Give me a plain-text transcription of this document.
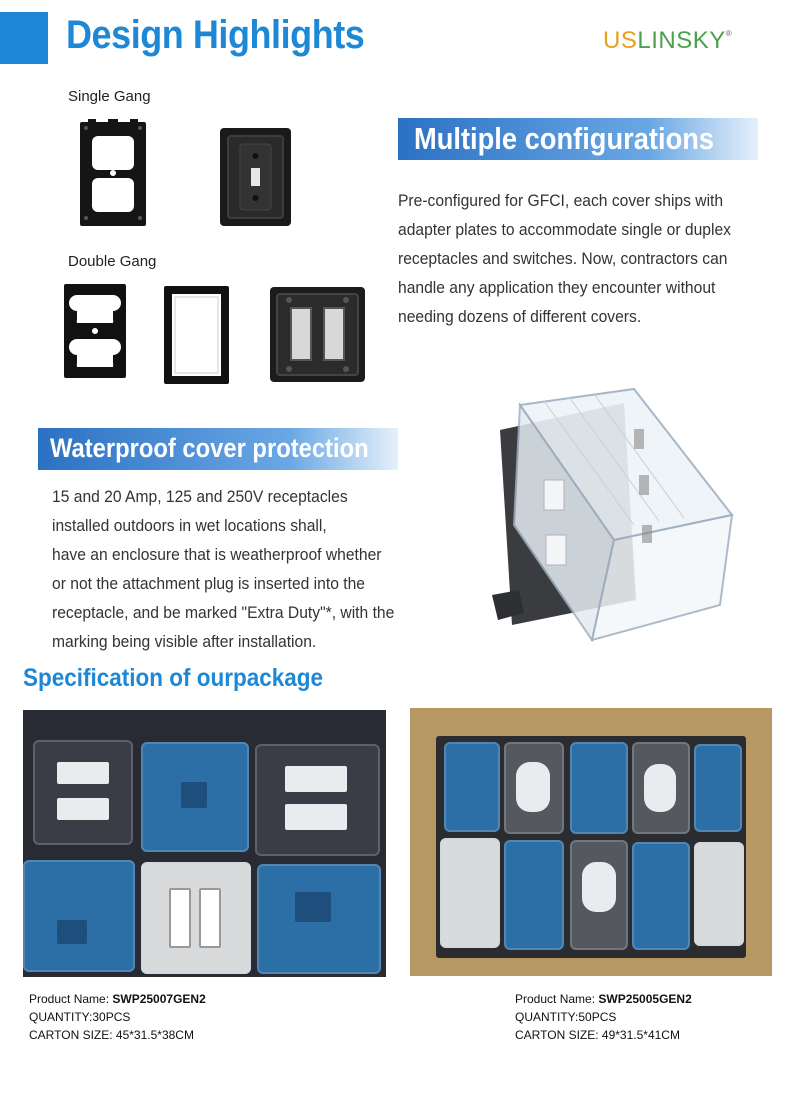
Design Highlights	USLINSKY®
Single Gang
Double Gang
Multiple configurations
Pre-configured for GFCI, each cover ships with
adapter plates to accommodate single or duplex
receptacles and switches. Now, contractors can
handle any application they encounter without
needing dozens of different covers.
Waterproof cover protection
15 and 20 Amp, 125 and 250V receptacles
installed outdoors in wet locations shall,
have an enclosure that is weatherproof whether
or not the attachment plug is inserted into the
receptacle, and be marked "Extra Duty"*, with the
marking being visible after installation.
Specification of ourpackage
Product Name: SWP25007GEN2
QUANTITY:30PCS
CARTON SIZE: 45*31.5*38CM
Product Name: SWP25005GEN2
QUANTITY:50PCS
CARTON SIZE: 49*31.5*41CM
